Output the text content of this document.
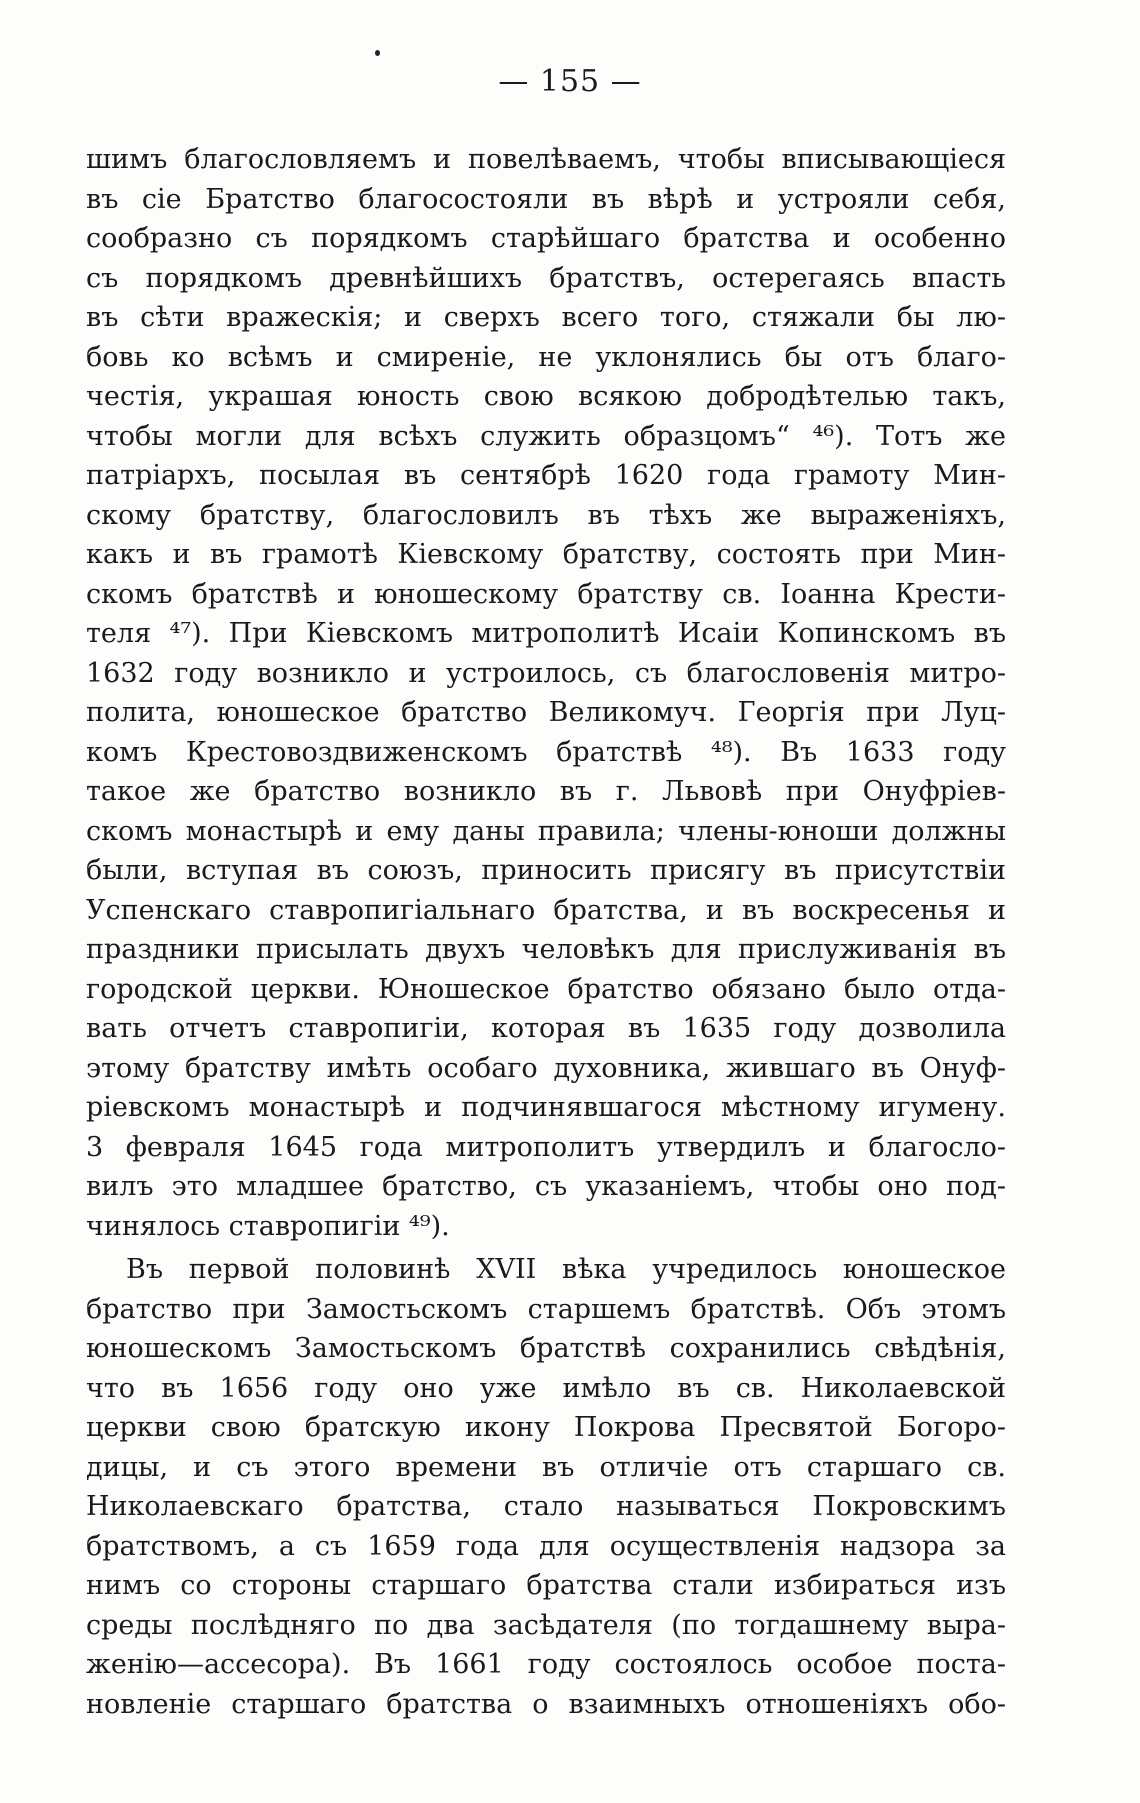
— 155 —
шимъ благословляемъ и повелѣваемъ, чтобы вписывающіеся
въ сіе Братство благосостояли въ вѣрѣ и устрояли себя,
сообразно съ порядкомъ старѣйшаго братства и особенно
съ порядкомъ древнѣйшихъ братствъ, остерегаясь впасть
въ сѣти вражескія; и сверхъ всего того, стяжали бы лю-
бовь ко всѣмъ и смиреніе, не уклонялись бы отъ благо-
честія, украшая юность свою всякою добродѣтелью такъ,
чтобы могли для всѣхъ служить образцомъ“ ⁴⁶). Тотъ же
патріархъ, посылая въ сентябрѣ 1620 года грамоту Мин-
скому братству, благословилъ въ тѣхъ же выраженіяхъ,
какъ и въ грамотѣ Кіевскому братству, состоять при Мин-
скомъ братствѣ и юношескому братству св. Іоанна Крести-
теля ⁴⁷). При Кіевскомъ митрополитѣ Исаіи Копинскомъ въ
1632 году возникло и устроилось, съ благословенія митро-
полита, юношеское братство Великомуч. Георгія при Луц-
комъ Крестовоздвиженскомъ братствѣ ⁴⁸). Въ 1633 году
такое же братство возникло въ г. Львовѣ при Онуфріев-
скомъ монастырѣ и ему даны правила; члены-юноши должны
были, вступая въ союзъ, приносить присягу въ присутствіи
Успенскаго ставропигіальнаго братства, и въ воскресенья и
праздники присылать двухъ человѣкъ для прислуживанія въ
городской церкви. Юношеское братство обязано было отда-
вать отчетъ ставропигіи, которая въ 1635 году дозволила
этому братству имѣть особаго духовника, жившаго въ Онуф-
ріевскомъ монастырѣ и подчинявшагося мѣстному игумену.
3 февраля 1645 года митрополитъ утвердилъ и благосло-
вилъ это младшее братство, съ указаніемъ, чтобы оно под-
чинялось ставропигіи ⁴⁹).
Въ первой половинѣ XVII вѣка учредилось юношеское
братство при Замостьскомъ старшемъ братствѣ. Объ этомъ
юношескомъ Замостьскомъ братствѣ сохранились свѣдѣнія,
что въ 1656 году оно уже имѣло въ св. Николаевской
церкви свою братскую икону Покрова Пресвятой Богоро-
дицы, и съ этого времени въ отличіе отъ старшаго св.
Николаевскаго братства, стало называться Покровскимъ
братствомъ, а съ 1659 года для осуществленія надзора за
нимъ со стороны старшаго братства стали избираться изъ
среды послѣдняго по два засѣдателя (по тогдашнему выра-
женію—ассесора). Въ 1661 году состоялось особое поста-
новленіе старшаго братства о взаимныхъ отношеніяхъ обо-
